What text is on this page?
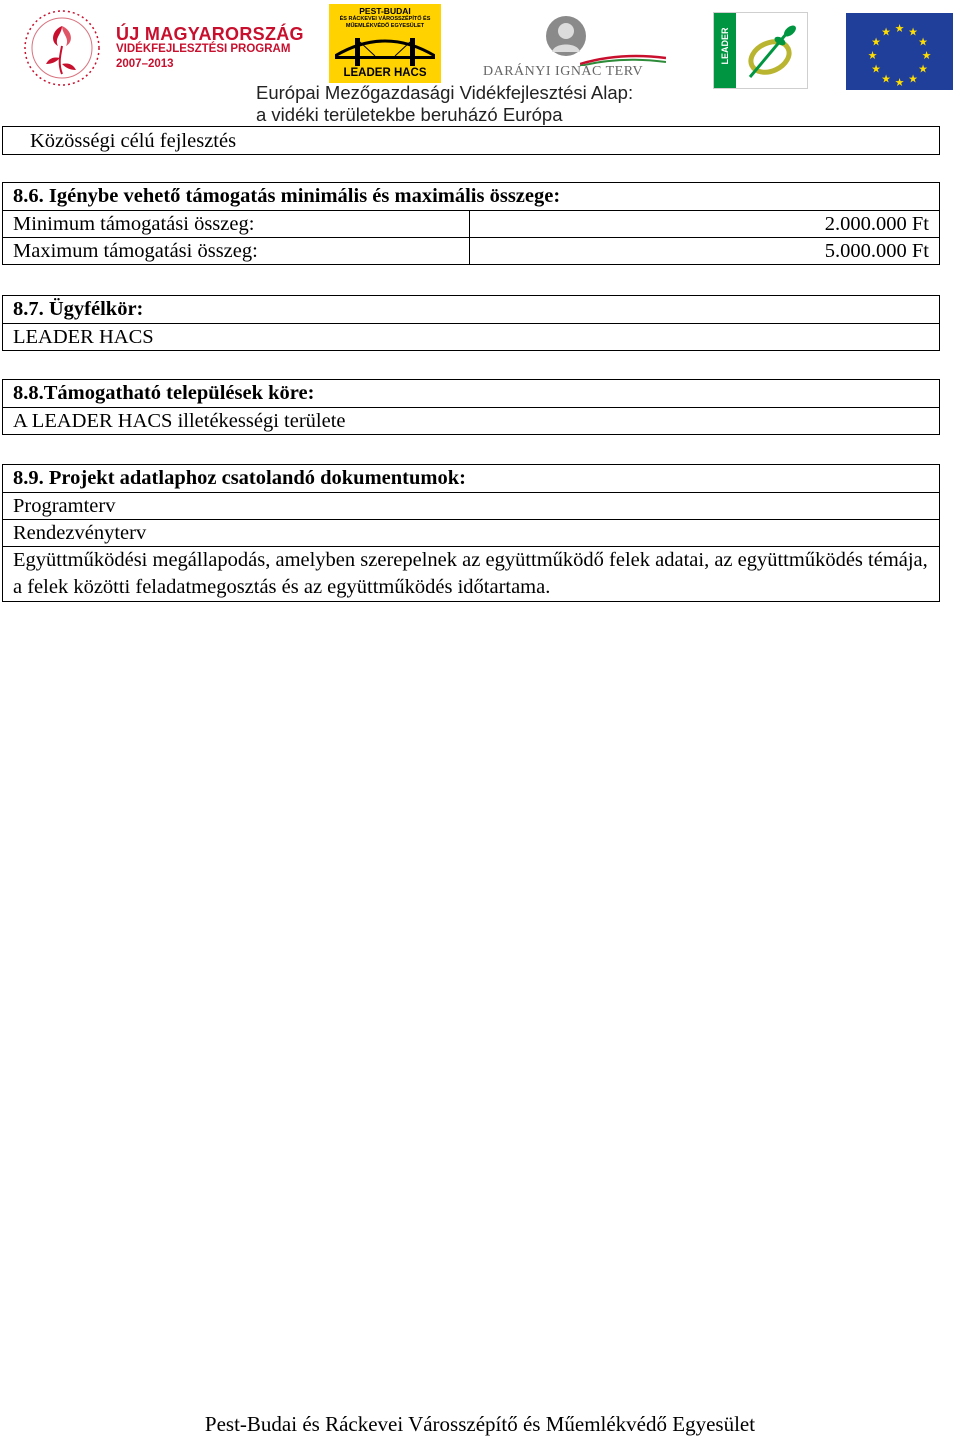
ÚJ MAGYARORSZÁG
VIDÉKFEJLESZTÉSI PROGRAM
2007–2013
PEST-BUDAI
ÉS RÁCKEVEI VÁROSSZÉPÍTŐ ÉS
MŰEMLÉKVÉDŐ EGYESÜLET
LEADER HACS	DARÁNYI IGNÁC TERV
LEADER	★ ★
★
★
★
★
★
★
★
★
★
★
Európai Mezőgazdasági Vidékfejlesztési Alap:
a vidéki területekbe beruházó Európa
Közösségi célú fejlesztés
8.6. Igénybe vehető támogatás minimális és maximális összege:
Minimum támogatási összeg:	2.000.000 Ft
Maximum támogatási összeg:	5.000.000 Ft
8.7. Ügyfélkör:
LEADER HACS
8.8.Támogatható települések köre:
A LEADER HACS illetékességi területe
8.9. Projekt adatlaphoz csatolandó dokumentumok:
Programterv
Rendezvényterv
Együttműködési megállapodás, amelyben szerepelnek az együttműködő felek adatai, az együttműködés témája, a felek közötti feladatmegosztás és az együttműködés időtartama.
Pest-Budai és Ráckevei Városszépítő és Műemlékvédő Egyesület
